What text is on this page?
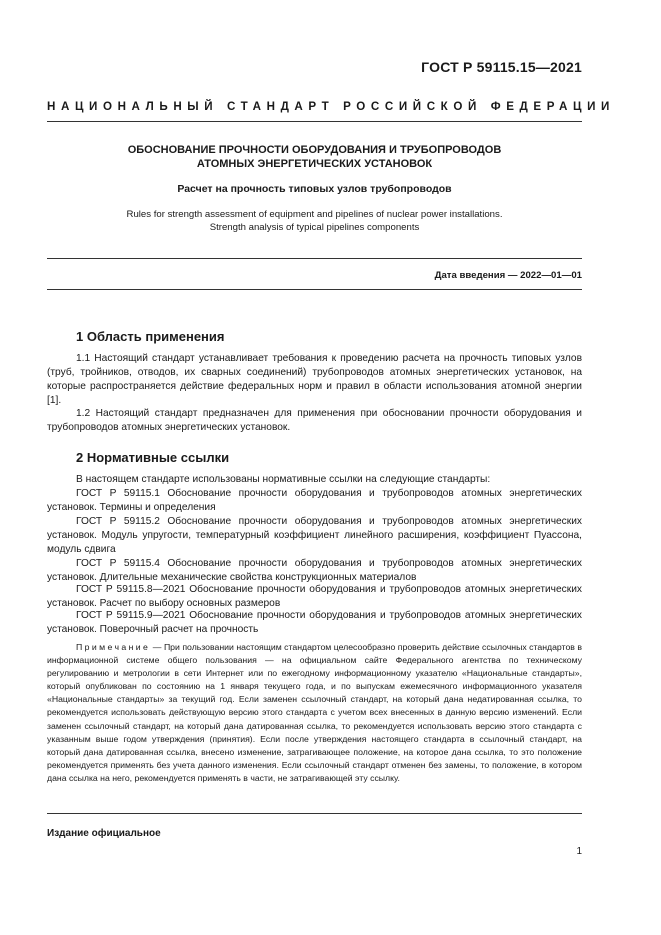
ГОСТ Р 59115.15—2021
НАЦИОНАЛЬНЫЙ СТАНДАРТ РОССИЙСКОЙ ФЕДЕРАЦИИ
ОБОСНОВАНИЕ ПРОЧНОСТИ ОБОРУДОВАНИЯ И ТРУБОПРОВОДОВ
АТОМНЫХ ЭНЕРГЕТИЧЕСКИХ УСТАНОВОК
Расчет на прочность типовых узлов трубопроводов
Rules for strength assessment of equipment and pipelines of nuclear power installations.
Strength analysis of typical pipelines components
Дата введения — 2022—01—01
1 Область применения

1.1 Настоящий стандарт устанавливает требования к проведению расчета на прочность типовых узлов (труб, тройников, отводов, их сварных соединений) трубопроводов атомных энергетических установок, на которые распространяется действие федеральных норм и правил в области использования атомной энергии [1].

1.2 Настоящий стандарт предназначен для применения при обосновании прочности оборудования и трубопроводов атомных энергетических установок.

2 Нормативные ссылки

В настоящем стандарте использованы нормативные ссылки на следующие стандарты:

ГОСТ Р 59115.1 Обоснование прочности оборудования и трубопроводов атомных энергетических установок. Термины и определения

ГОСТ Р 59115.2 Обоснование прочности оборудования и трубопроводов атомных энергетических установок. Модуль упругости, температурный коэффициент линейного расширения, коэффициент Пуассона, модуль сдвига

ГОСТ Р 59115.4 Обоснование прочности оборудования и трубопроводов атомных энергетических установок. Длительные механические свойства конструкционных материалов

ГОСТ Р 59115.8—2021 Обоснование прочности оборудования и трубопроводов атомных энергетических установок. Расчет по выбору основных размеров

ГОСТ Р 59115.9—2021 Обоснование прочности оборудования и трубопроводов атомных энергетических установок. Поверочный расчет на прочность

Примечание — При пользовании настоящим стандартом целесообразно проверить действие ссылочных стандартов в информационной системе общего пользования — на официальном сайте Федерального агентства по техническому регулированию и метрологии в сети Интернет или по ежегодному информационному указателю «Национальные стандарты», который опубликован по состоянию на 1 января текущего года, и по выпускам ежемесячного информационного указателя «Национальные стандарты» за текущий год. Если заменен ссылочный стандарт, на который дана недатированная ссылка, то рекомендуется использовать действующую версию этого стандарта с учетом всех внесенных в данную версию изменений. Если заменен ссылочный стандарт, на который дана датированная ссылка, то рекомендуется использовать версию этого стандарта с указанным выше годом утверждения (принятия). Если после утверждения настоящего стандарта в ссылочный стандарт, на который дана датированная ссылка, внесено изменение, затрагивающее положение, на которое дана ссылка, то это положение рекомендуется применять без учета данного изменения. Если ссылочный стандарт отменен без замены, то положение, в котором дана ссылка на него, рекомендуется применять в части, не затрагивающей эту ссылку.

Издание официальное
1
